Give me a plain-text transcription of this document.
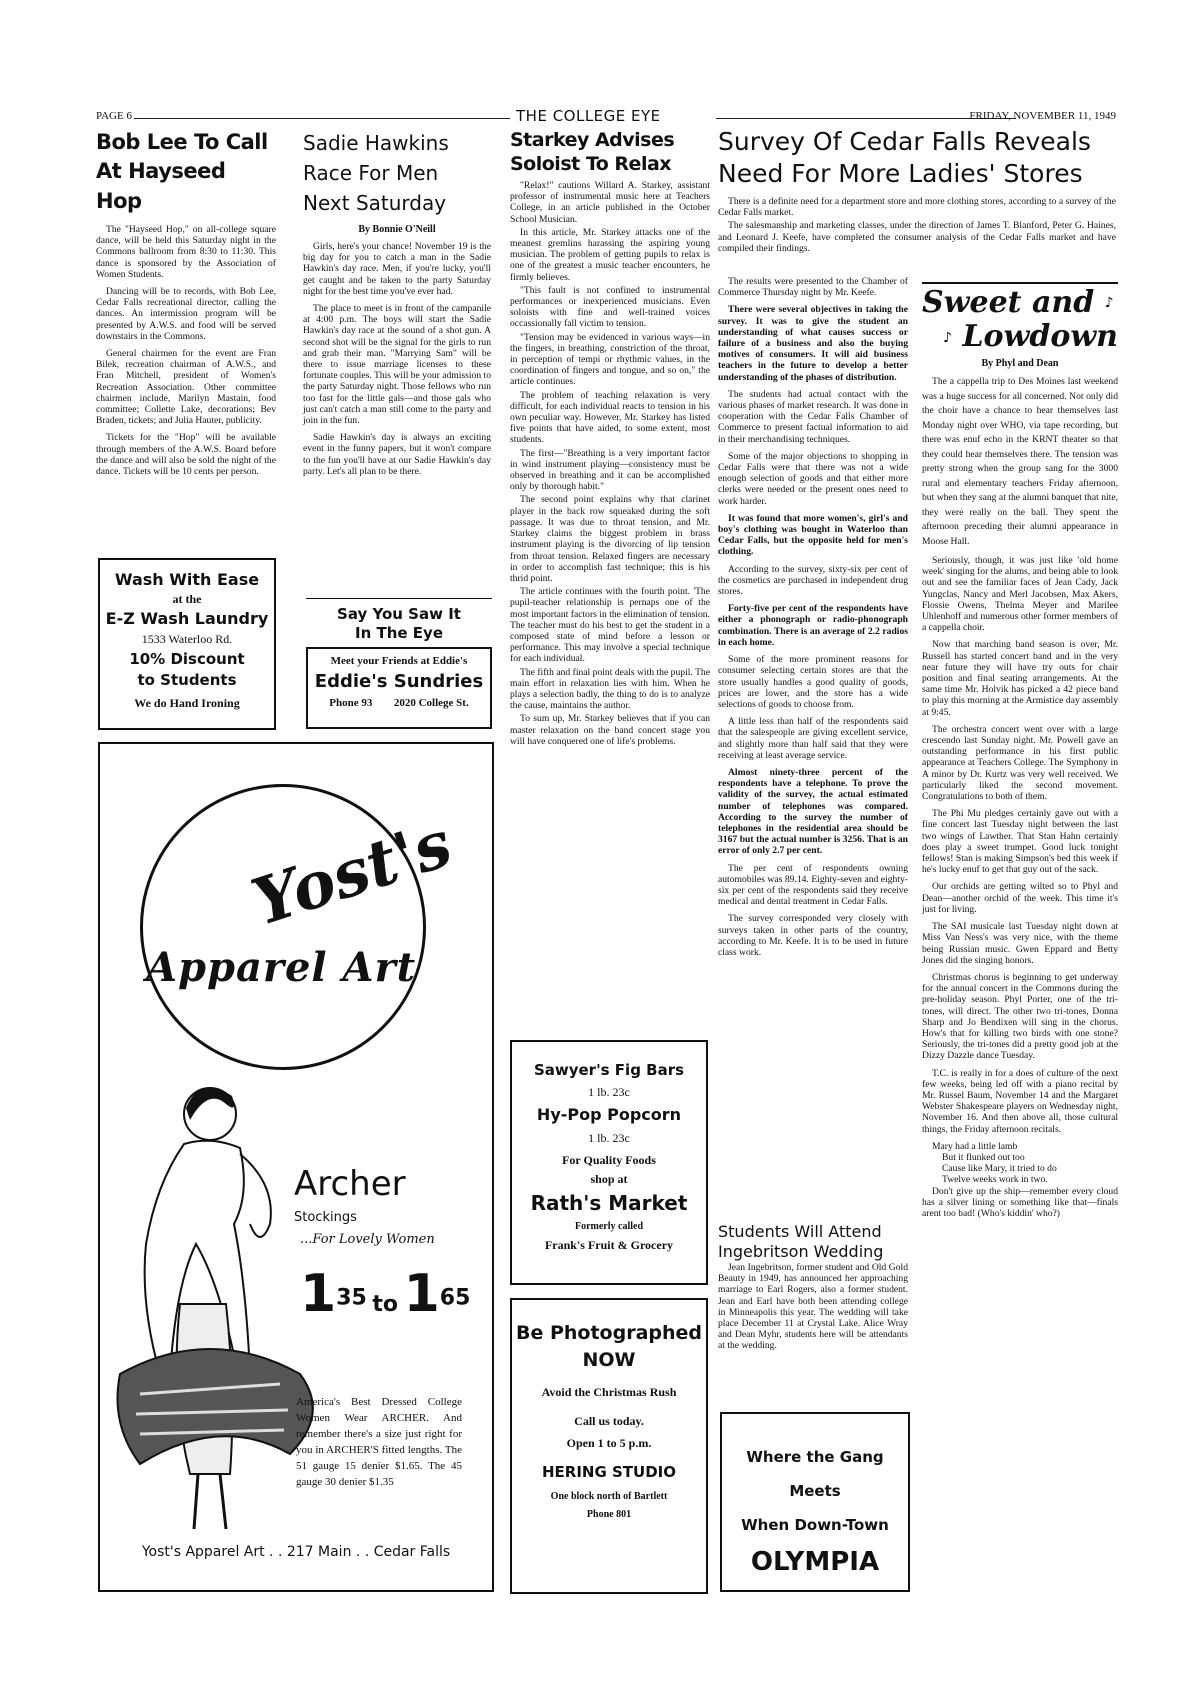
PAGE 6	THE COLLEGE EYE	FRIDAY, NOVEMBER 11, 1949
Bob Lee To Call
At Hayseed Hop

The "Hayseed Hop," on all-college square dance, will be held this Saturday night in the Commons ballroom from 8:30 to 11:30. This dance is sponsored by the Association of Women Students.

Dancing will be to records, with Bob Lee, Cedar Falls recreational director, calling the dances. An intermission program will be presented by A.W.S. and food will be served downstairs in the Commons.

General chairmen for the event are Fran Bilek, recreation chairman of A.W.S., and Fran Mitchell, president of Women's Recreation Association. Other committee chairmen include, Marilyn Mastain, food committee; Collette Lake, decorations; Bev Braden, tickets; and Julia Hauter, publicity.

Tickets for the "Hop" will be available through members of the A.W.S. Board before the dance and will also be sold the night of the dance. Tickets will be 10 cents per person.

Wash With Ease
at the
E-Z Wash Laundry
1533 Waterloo Rd.
10% Discount
to Students
We do Hand Ironing
Sadie Hawkins
Race For Men
Next Saturday
By Bonnie O'Neill

Girls, here's your chance! November 19 is the big day for you to catch a man in the Sadie Hawkin's day race. Men, if you're lucky, you'll get caught and be taken to the party Saturday night for the best time you've ever had.

The place to meet is in front of the campanile at 4:00 p.m. The boys will start the Sadie Hawkin's day race at the sound of a shot gun. A second shot will be the signal for the girls to run and grab their man. "Marrying Sam" will be there to issue marriage licenses to these fortunate couples. This will be your admission to the party Saturday night. Those fellows who run too fast for the little gals—and those gals who just can't catch a man still come to the party and join in the fun.

Sadie Hawkin's day is always an exciting event in the funny papers, but it won't compare to the fun you'll have at our Sadie Hawkin's day party. Let's all plan to be there.

Say You Saw It
In The Eye
Meet your Friends at Eddie's
Eddie's Sundries
Phone 93 2020 College St.
Yost's
Apparel Art
Archer
Stockings
...For Lovely Women
$1^{35}$ to $1^{65}$
America's Best Dressed College Women Wear ARCHER. And remember there's a size just right for you in ARCHER'S fitted lengths. The 51 gauge 15 denier $1.65. The 45 gauge 30 denier $1.35
Yost's Apparel Art . . 217 Main . . Cedar Falls
Starkey Advises
Soloist To Relax

"Relax!" cautions Willard A. Starkey, assistant professor of instrumental music here at Teachers College, in an article published in the October School Musician.

In this article, Mr. Starkey attacks one of the meanest gremlins harassing the aspiring young musician. The problem of getting pupils to relax is one of the greatest a music teacher encounters, he firmly believes.

"This fault is not confined to instrumental performances or inexperienced musicians. Even soloists with fine and well-trained voices occassionally fall victim to tension.

"Tension may be evidenced in various ways—in the fingers, in breathing, constriction of the throat, in perception of tempi or rhythmic values, in the coordination of fingers and tongue, and so on," the article continues.

The problem of teaching relaxation is very difficult, for each individual reacts to tension in his own peculiar way. However, Mr. Starkey has listed five points that have aided, to some extent, most students.

The first—"Breathing is a very important factor in wind instrument playing—consistency must be observed in breathing and it can be accomplished only by thorough habit."

The second point explains why that clarinet player in the back row squeaked during the soft passage. It was due to throat tension, and Mr. Starkey claims the biggest problem in brass instrument playing is the divorcing of lip tension from throat tension. Relaxed fingers are necessary in order to accomplish fast technique; this is his thrid point.

The article continues with the fourth point. 'The pupil-teacher relationship is pernaps one of the most important factors in the elimination of tension. The teacher must do his best to get the student in a composed state of mind before a lesson or performance. This may involve a special technique for each individual.

The fifth and final point deals with the pupil. The main effort in relaxation lies with him. When he plays a selection badly, the thing to do is to analyze the cause, maintains the author.

To sum up, Mr. Starkey believes that if you can master relaxation on the band concert stage you will have conquered one of life's problems.

Sawyer's Fig Bars
1 lb. 23c
Hy-Pop Popcorn
1 lb. 23c
For Quality Foods
shop at
Rath's Market
Formerly called
Frank's Fruit & Grocery
Be Photographed
NOW
Avoid the Christmas Rush
Call us today.
Open 1 to 5 p.m.
HERING STUDIO
One block north of Bartlett
Phone 801
Survey Of Cedar Falls Reveals
Need For More Ladies' Stores

There is a definite need for a department store and more clothing stores, according to a survey of the Cedar Falls market.

The salesmanship and marketing classes, under the direction of James T. Blanford, Peter G. Haines, and Leonard J. Keefe, have completed the consumer analysis of the Cedar Falls market and have compiled their findings.

The results were presented to the Chamber of Commerce Thursday night by Mr. Keefe.

There were several objectives in taking the survey. It was to give the student an understanding of what causes success or failure of a business and also the buying motives of consumers. It will aid business teachers in the future to develop a better understanding of the phases of distribution.

The students had actual contact with the various phases of market research. It was done in cooperation with the Cedar Falls Chamber of Commerce to present factual information to aid in their merchandising techniques.

Some of the major objections to shopping in Cedar Falls were that there was not a wide enough selection of goods and that either more clerks were needed or the present ones need to work harder.

It was found that more women's, girl's and boy's clothing was bought in Waterloo than Cedar Falls, but the opposite held for men's clothing.

According to the survey, sixty-six per cent of the cosmetics are purchased in independent drug stores.

Forty-five per cent of the respondents have either a phonograph or radio-phonograph combination. There is an average of 2.2 radios in each home.

Some of the more prominent reasons for consumer selecting certain stores are that the store usually handles a good quality of goods, prices are lower, and the store has a wide selections of goods to choose from.

A little less than half of the respondents said that the salespeople are giving excellent service, and slightly more than half said that they were receiving at least average service.

Almost ninety-three percent of the respondents have a telephone. To prove the validity of the survey, the actual estimated number of telephones was compared. According to the survey the number of telephones in the residential area should be 3167 but the actual number is 3256. That is an error of only 2.7 per cent.

The per cent of respondents owning automobiles was 89.14. Eighty-seven and eighty-six per cent of the respondents said they receive medical and dental treatment in Cedar Falls.

The survey corresponded very closely with surveys taken in other parts of the country, according to Mr. Keefe. It is to be used in future class work.

Students Will Attend
Ingebritson Wedding

Jean Ingebritson, former student and Old Gold Beauty in 1949, has announced her approaching marriage to Earl Rogers, also a former student. Jean and Earl have both been attending college in Minneapolis this year. The wedding will take place December 11 at Crystal Lake. Alice Wray and Dean Myhr, students here will be attendants at the wedding.

Where the Gang
Meets
When Down-Town
OLYMPIA
Sweet and ♪
♪ Lowdown
By Phyl and Dean

The a cappella trip to Des Moines last weekend was a huge success for all concerned. Not only did the choir have a chance to hear themselves last Monday night over WHO, via tape recording, but there was enuf echo in the KRNT theater so that they could hear themselves there. The tension was pretty strong when the group sang for the 3000 rural and elementary teachers Friday afternoon, but when they sang at the alumni banquet that nite, they were really on the ball. They spent the afternoon preceding their alumni appearance in Moose Hall.

Seriously, though, it was just like 'old home week' singing for the alums, and being able to look out and see the familiar faces of Jean Cady, Jack Yungclas, Nancy and Merl Jacobsen, Max Akers, Flossie Owens, Thelma Meyer and Marilee Uhlenhoff and numerous other former members of a cappella choir.

Now that marching band season is over, Mr. Russell has started concert band and in the very near future they will have try outs for chair position and final seating arrangements. At the same time Mr. Holvik has picked a 42 piece band to play this morning at the Armistice day assembly at 9:45.

The orchestra concert went over with a large crescendo last Sunday night. Mr. Powell gave an outstanding performance in his first public appearance at Teachers College. The Symphony in A minor by Dr. Kurtz was very well received. We particularly liked the second movement. Congratulations to both of them.

The Phi Mu pledges certainly gave out with a fine concert last Tuesday night between the last two wings of Lawther. That Stan Hahn certainly does play a sweet trumpet. Good luck tonight fellows! Stan is making Simpson's bed this week if he's lucky enuf to get that guy out of the sack.

Our orchids are getting wilted so to Phyl and Dean—another orchid of the week. This time it's just for living.

The SAI musicale last Tuesday night down at Miss Van Ness's was very nice, with the theme being Russian music. Gwen Eppard and Betty Jones did the singing honors.

Christmas chorus is beginning to get underway for the annual concert in the Commons during the pre-holiday season. Phyl Porter, one of the tri-tones, will direct. The other two tri-tones, Donna Sharp and Jo Bendixen will sing in the chorus. How's that for killing two birds with one stone? Seriously, the tri-tones did a pretty good job at the Dizzy Dazzle dance Tuesday.

T.C. is really in for a does of culture of the next few weeks, being led off with a piano recital by Mr. Russel Baum, November 14 and the Margaret Webster Shakespeare players on Wednesday night, November 16. And then above all, those cultural things, the Friday afternoon recitals.

Mary had a little lamb
But it flunked out too
Cause like Mary, it tried to do
Twelve weeks work in two.

Don't give up the ship—remember every cloud has a silver lining or something like that—finals arent too bad! (Who's kiddin' who?)
